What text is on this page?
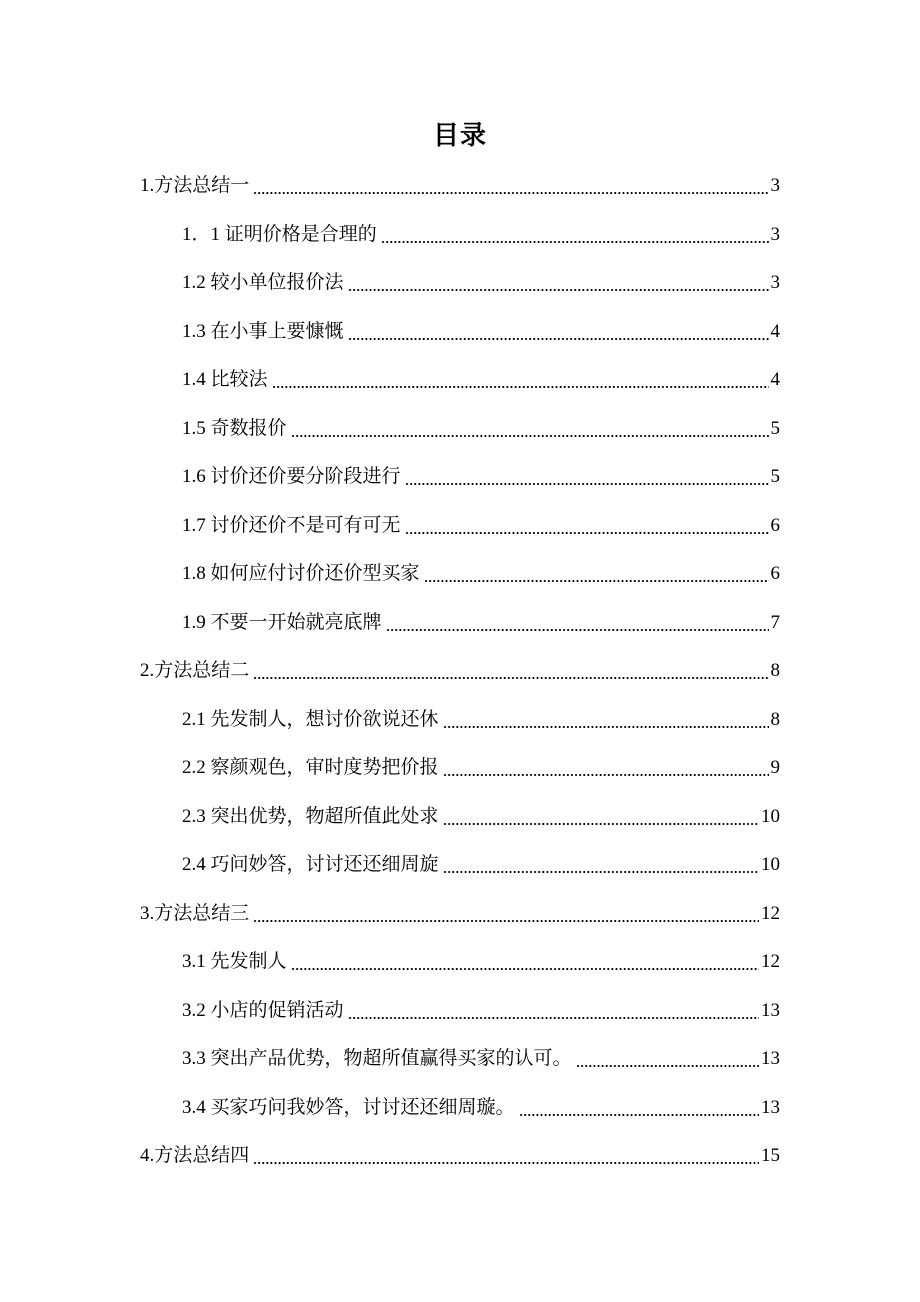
目录
1.方法总结一	3
1．1 证明价格是合理的	3
1.2 较小单位报价法	3
1.3 在小事上要慷慨	4
1.4 比较法	4
1.5 奇数报价	5
1.6 讨价还价要分阶段进行	5
1.7 讨价还价不是可有可无	6
1.8 如何应付讨价还价型买家	6
1.9 不要一开始就亮底牌	7
2.方法总结二	8
2.1 先发制人，想讨价欲说还休	8
2.2 察颜观色，审时度势把价报	9
2.3 突出优势，物超所值此处求	10
2.4 巧问妙答，讨讨还还细周旋	10
3.方法总结三	12
3.1 先发制人	12
3.2 小店的促销活动	13
3.3 突出产品优势，物超所值赢得买家的认可。	13
3.4 买家巧问我妙答，讨讨还还细周璇。	13
4.方法总结四	15
